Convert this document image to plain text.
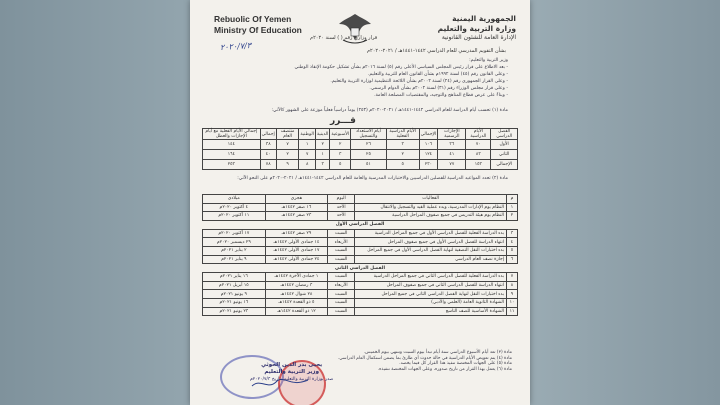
Rebuolic Of Yemen
Ministry Of Education
٢٠٢٠/٧/٣
الجمهورية اليمنية
وزارة التربية والتعليم
الإدارة العامة للشئون القانونية
قرار وزاري رقم ( ) لسنة ٢٠٢٠م
بشأن التقويم المدرسي للعام الدراسي ١٤٤٢-١٤٤١هـ / ٢٠٢١-٢٠٢٠م
وزير التربية والتعليم:
- بعد الاطلاع على قرار رئيس المجلس السياسي الأعلى رقم (٥) لسنة ٢٠١٦م بشأن تشكيل حكومة الإنقاذ الوطني
- وعلى القانون رقم (٤٥) لسنة ١٩٩٢م بشأن القانون العام للتربية والتعليم.
- وعلى القرار الجمهوري رقم (٢٤) لسنة ٢٠٠٢م بشأن اللائحة التنظيمية لوزارة التربية والتعليم.
- وعلى قرار مجلس الوزراء رقم (٣١) لسنة ٢٠٠٢م بشأن الدوام الرسمي.
- وبناءً على عرض قطاع المناهج والتوجيه، والمقتضيات المصلحة العامة.
قـــرر
مادة (١) تحسب أيام الدراسة للعام الدراسي ١٤٤٢-١٤٤١هـ / ٢٠٢١-٢٠٢٠م (٢٥٣) يوماً دراسياً فعلياً موزعة على الشهور كالآتي:
الفصل الدراسي	الأيام الدراسية	الإجازات الرسمية	الإجمالي	الأيام الدراسية الفعلية	أيام الاستعداد والتسجيل	الأسبوعية	الدينية	الوطنية	منتصف العام	إجمالي	إجمالي الأيام الفعلية مع أيام الإجازات والعطل
الأول	٧٠	٣٦	١٠٦	٣	٢٦	٢	٢	١	٧	٣٨	١٤٤
الثاني	٨٣	٤١	١٢٤	٢	٢٥	٣	١	٧	٢	٤٠	١٦٤
الإجمالي	١٥٣	٧٧	٢٣٠	٥	٥١	٥	٣	٨	٩	٧٨	٢٥٣
مادة (٢) تحدد المواعيد الدراسية للفصلين الدراسيين والاختبارات المدرسية والعامة للعام الدراسي ١٤٤٢-١٤٤١هـ / ٢٠٢١-٢٠٢٠م على النحو الآتي:
م	الفعاليات	اليوم	هجري	ميلادي
١	النظام يوم الإدارات المدرسية، وبدء عملية القيد والتسجيل والانتقال	الأحد	١٦ صفر ١٤٤٢هـ	٤ أكتوبر ٢٠٢٠م
٢	النظام يوم هيئة التدريس في جميع صفوف المراحل الدراسية	الأحد	٢٣ صفر ١٤٤٢هـ	١١ أكتوبر ٢٠٢٠م
الفصل الدراسي الأول				
٣	بدء الدراسة الفعلية للفصل الدراسي الأول في جميع المراحل الدراسية	السبت	٢٩ صفر ١٤٤٢هـ	١٧ أكتوبر ٢٠٢٠م
٤	انتهاء الدراسة للفصل الدراسي الأول في جميع صفوف المراحل	الأربعاء	١٤ جمادى الأولى ١٤٤٢هـ	٢٩ ديسمبر ٢٠٢٠م
٥	بدء اختبارات النقل النصفية لنهاية الفصل الدراسي الأول في جميع المراحل	السبت	١٧ جمادى الأولى ١٤٤٢هـ	٢ يناير ٢٠٢١م
٦	إجازة نصف العام الدراسي	السبت	٢٤ جمادى الأولى ١٤٤٢هـ	٩ يناير ٢٠٢١م
الفصل الدراسي الثاني				
٧	بدء الدراسة الفعلية للفصل الدراسي الثاني في جميع المراحل الدراسية	السبت	١ جمادى الآخرة ١٤٤٢هـ	١٦ يناير ٢٠٢١م
٨	انتهاء الدراسة للفصل الدراسي الثاني في جميع صفوف المراحل	الأربعاء	٣ رمضان ١٤٤٢هـ	١٥ أبريل ٢٠٢١م
٩	بدء اختبارات النقل لنهاية الفصل الدراسي الثاني في جميع المراحل	السبت	٢٨ شوال ١٤٤٢هـ	٩ يونيو ٢٠٢١م
١٠	الشهادة الثانوية العامة (العلمي والأدبي)	السبت	٥ ذو القعدة ١٤٤٢هـ	١٦ يونيو ٢٠٢١م
١١	الشهادة الأساسية للصف التاسع	السبت	١٢ ذو القعدة ١٤٤٢هـ	٢٣ يونيو ٢٠٢١م
مادة (٣) تعد أيام الأسبوع الدراسي ستة أيام تبدأ بيوم السبت وتنتهي بيوم الخميس.
مادة (٤) يتم تعويض الأيام الدراسية في حالة حدوث أي طارئ بما يضمن استكمال العام الدراسي.
مادة (٥) على الجهات المختصة تنفيذ هذا القرار كل فيما يخصه.
مادة (٦) يعمل بهذا القرار من تاريخ صدوره، وعلى الجهات المختصة تنفيذه.
يحيى بدر الدين الحوثي
وزير التربية والتعليم
صدر بوزارة التربية والتعليم بتاريخ ٢٠٢٠/٧/٣م
